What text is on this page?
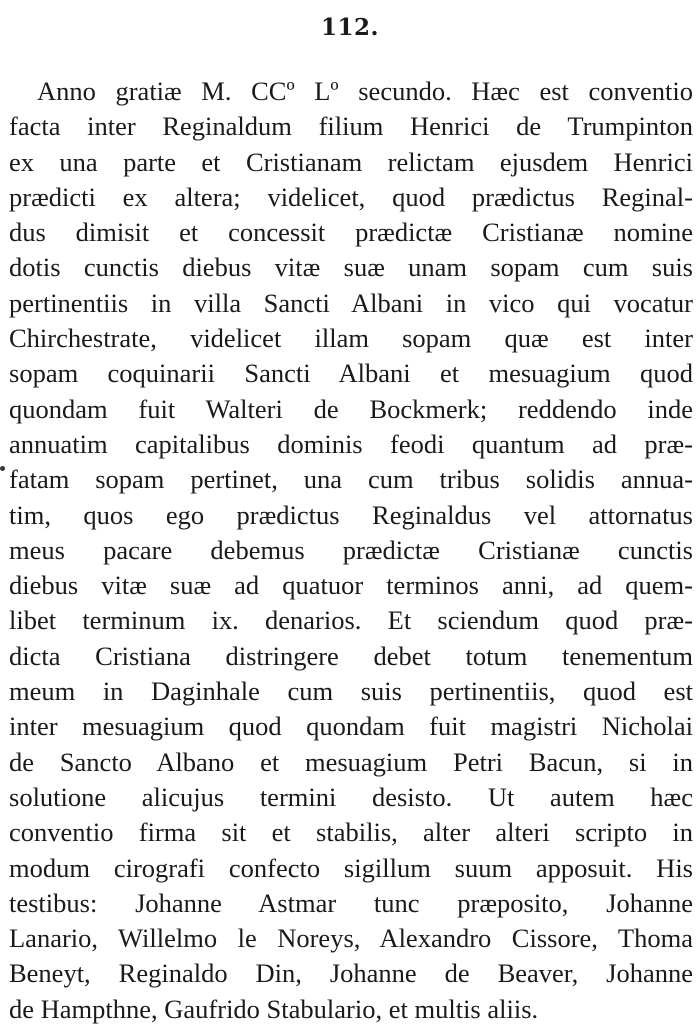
112.
Anno gratiæ M. CCº Lº secundo. Hæc est conventio
facta inter Reginaldum filium Henrici de Trumpinton
ex una parte et Cristianam relictam ejusdem Henrici
prædicti ex altera; videlicet, quod prædictus Reginal-
dus dimisit et concessit prædictæ Cristianæ nomine
dotis cunctis diebus vitæ suæ unam sopam cum suis
pertinentiis in villa Sancti Albani in vico qui vocatur
Chirchestrate, videlicet illam sopam quæ est inter
sopam coquinarii Sancti Albani et mesuagium quod
quondam fuit Walteri de Bockmerk; reddendo inde
annuatim capitalibus dominis feodi quantum ad præ-
fatam sopam pertinet, una cum tribus solidis annua-
tim, quos ego prædictus Reginaldus vel attornatus
meus pacare debemus prædictæ Cristianæ cunctis
diebus vitæ suæ ad quatuor terminos anni, ad quem-
libet terminum ix. denarios. Et sciendum quod præ-
dicta Cristiana distringere debet totum tenementum
meum in Daginhale cum suis pertinentiis, quod est
inter mesuagium quod quondam fuit magistri Nicholai
de Sancto Albano et mesuagium Petri Bacun, si in
solutione alicujus termini desisto. Ut autem hæc
conventio firma sit et stabilis, alter alteri scripto in
modum cirografi confecto sigillum suum apposuit. His
testibus: Johanne Astmar tunc præposito, Johanne
Lanario, Willelmo le Noreys, Alexandro Cissore, Thoma
Beneyt, Reginaldo Din, Johanne de Beaver, Johanne
de Hampthne, Gaufrido Stabulario, et multis aliis.
